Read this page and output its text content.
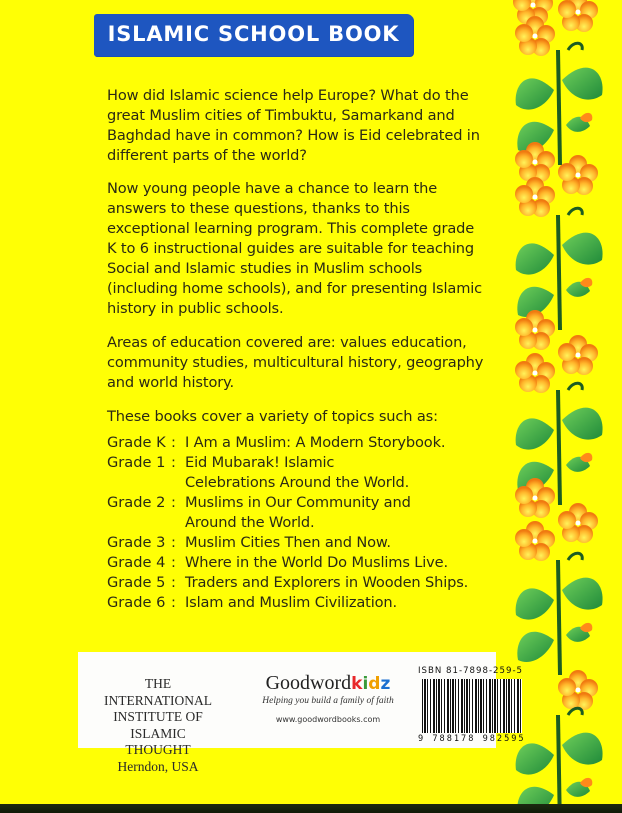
ISLAMIC SCHOOL BOOK

How did Islamic science help Europe? What do the great Muslim cities of Timbuktu, Samarkand and Baghdad have in common? How is Eid celebrated in different parts of the world?

Now young people have a chance to learn the answers to these questions, thanks to this exceptional learning program. This complete grade K to 6 instructional guides are suitable for teaching Social and Islamic studies in Muslim schools (including home schools), and for presenting Islamic history in public schools.

Areas of education covered are: values education, community studies, multicultural history, geography and world history.

These books cover a variety of topics such as:

Grade K : I Am a Muslim: A Modern Storybook.
Grade 1 : Eid Mubarak! Islamic Celebrations Around the World.
Grade 2 : Muslims in Our Community and Around the World.
Grade 3 : Muslim Cities Then and Now.
Grade 4 : Where in the World Do Muslims Live.
Grade 5 : Traders and Explorers in Wooden Ships.
Grade 6 : Islam and Muslim Civilization.
THE INTERNATIONAL
INSTITUTE OF
ISLAMIC THOUGHT
Herndon, USA
Goodwordkidz
Helping you build a family of faith
www.goodwordbooks.com
ISBN 81-7898-259-5
9 788178 982595
